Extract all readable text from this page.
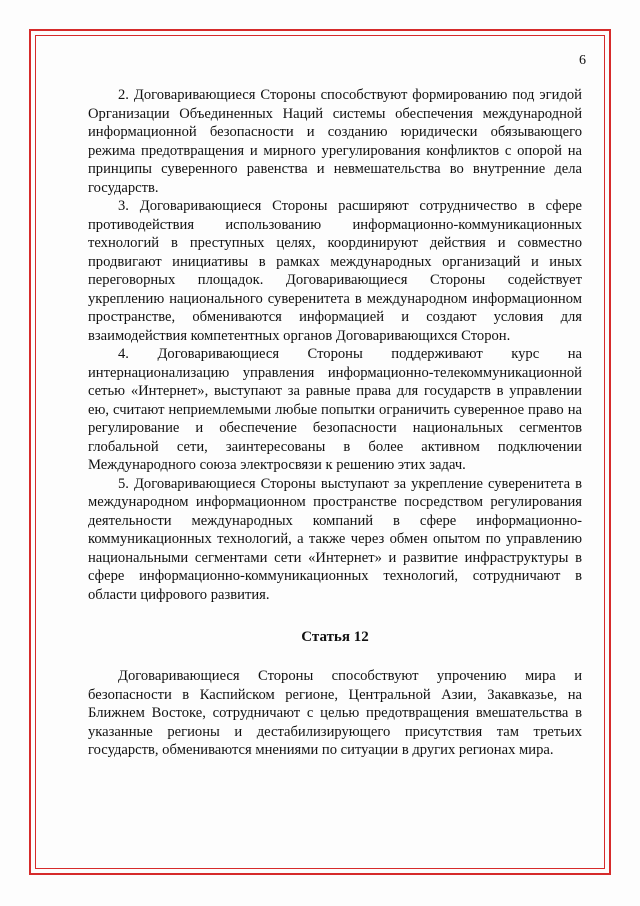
6

2. Договаривающиеся Стороны способствуют формированию под эгидой Организации Объединенных Наций системы обеспечения международной информационной безопасности и созданию юридически обязывающего режима предотвращения и мирного урегулирования конфликтов с опорой на принципы суверенного равенства и невмешательства во внутренние дела государств.

3. Договаривающиеся Стороны расширяют сотрудничество в сфере противодействия использованию информационно-коммуникационных технологий в преступных целях, координируют действия и совместно продвигают инициативы в рамках международных организаций и иных переговорных площадок. Договаривающиеся Стороны содействует укреплению национального суверенитета в международном информационном пространстве, обмениваются информацией и создают условия для взаимодействия компетентных органов Договаривающихся Сторон.

4. Договаривающиеся Стороны поддерживают курс на интернационализацию управления информационно-телекоммуникационной сетью «Интернет», выступают за равные права для государств в управлении ею, считают неприемлемыми любые попытки ограничить суверенное право на регулирование и обеспечение безопасности национальных сегментов глобальной сети, заинтересованы в более активном подключении Международного союза электросвязи к решению этих задач.

5. Договаривающиеся Стороны выступают за укрепление суверенитета в международном информационном пространстве посредством регулирования деятельности международных компаний в сфере информационно-коммуникационных технологий, а также через обмен опытом по управлению национальными сегментами сети «Интернет» и развитие инфраструктуры в сфере информационно-коммуникационных технологий, сотрудничают в области цифрового развития.

Статья 12

Договаривающиеся Стороны способствуют упрочению мира и безопасности в Каспийском регионе, Центральной Азии, Закавказье, на Ближнем Востоке, сотрудничают с целью предотвращения вмешательства в указанные регионы и дестабилизирующего присутствия там третьих государств, обмениваются мнениями по ситуации в других регионах мира.
